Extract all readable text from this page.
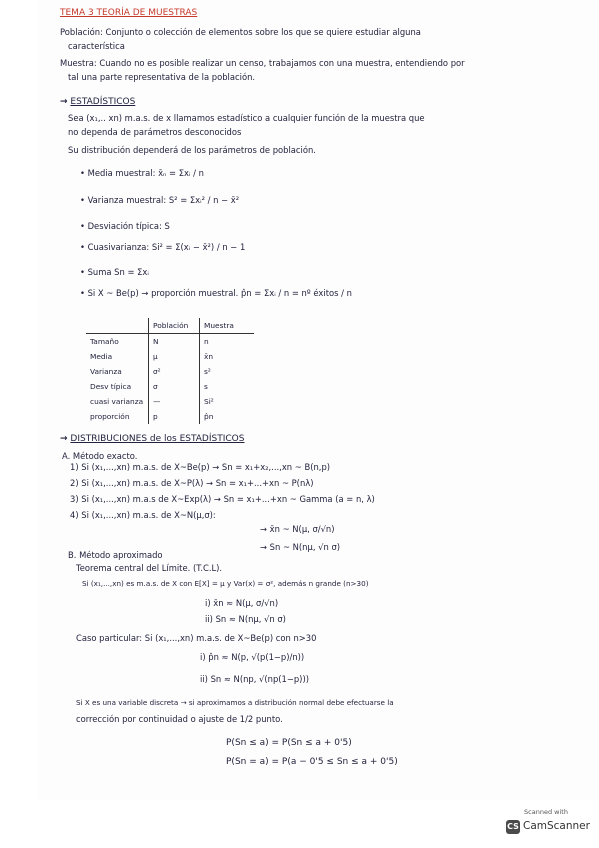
TEMA 3 TEORÍA DE MUESTRAS
Población: Conjunto o colección de elementos sobre los que se quiere estudiar alguna
característica
Muestra: Cuando no es posible realizar un censo, trabajamos con una muestra, entendiendo por
tal una parte representativa de la población.
→ ESTADÍSTICOS
Sea (x₁,.. xn) m.a.s. de x llamamos estadístico a cualquier función de la muestra que
no dependa de parámetros desconocidos
Su distribución dependerá de los parámetros de población.
• Media muestral: x̄ₙ = Σxᵢ / n
• Varianza muestral: S² = Σxᵢ² / n − x̄²
• Desviación típica: S
• Cuasivarianza: Si² = Σ(xᵢ − x̄²) / n − 1
• Suma Sn = Σxᵢ
• Si X ~ Be(p) → proporción muestral. p̂n = Σxᵢ / n = nº éxitos / n
	Población	Muestra
Tamaño	N	n
Media	μ	x̄n
Varianza	σ²	s²
Desv típica	σ	s
cuasi varianza	—	Si²
proporción	p	p̂n
→ DISTRIBUCIONES de los ESTADÍSTICOS
A. Método exacto.
1) Si (x₁,...,xn) m.a.s. de X~Be(p) → Sn = x₁+x₂,...,xn ~ B(n,p)
2) Si (x₁,...,xn) m.a.s. de X~P(λ) → Sn = x₁+...+xn ~ P(nλ)
3) Si (x₁,...,xn) m.a.s de X~Exp(λ) → Sn = x₁+...+xn ~ Gamma (a = n, λ)
4) Si (x₁,...,xn) m.a.s. de X~N(μ,σ):
→ x̄n ~ N(μ, σ/√n)
→ Sn ~ N(nμ, √n σ)
B. Método aproximado
Teorema central del Límite. (T.C.L).
Si (x₁,...,xn) es m.a.s. de X con E[X] = μ y Var(x) = σ², además n grande (n>30)
i) x̄n ≈ N(μ, σ/√n)
ii) Sn ≈ N(nμ, √n σ)
Caso particular: Si (x₁,...,xn) m.a.s. de X~Be(p) con n>30
i) p̂n ≈ N(p, √(p(1−p)/n))
ii) Sn ≈ N(np, √(np(1−p)))
Si X es una variable discreta → si aproximamos a distribución normal debe efectuarse la
corrección por continuidad o ajuste de 1/2 punto.
P(Sn ≤ a) = P(Sn ≤ a + 0'5)
P(Sn = a) = P(a − 0'5 ≤ Sn ≤ a + 0'5)
Scanned with
CS CamScanner
